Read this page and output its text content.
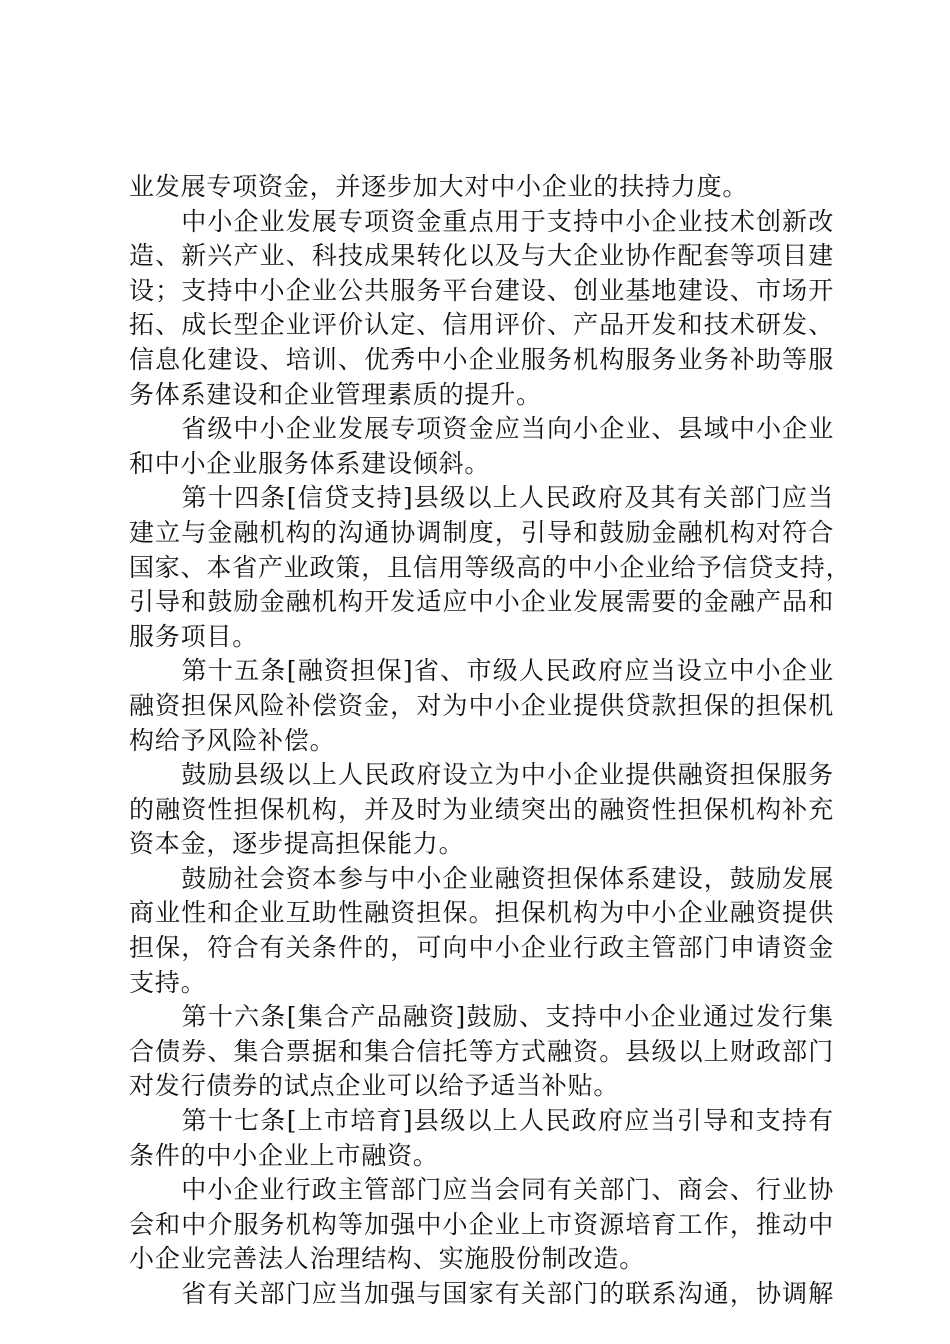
业发展专项资金，并逐步加大对中小企业的扶持力度。
　　中小企业发展专项资金重点用于支持中小企业技术创新改
造、新兴产业、科技成果转化以及与大企业协作配套等项目建
设；支持中小企业公共服务平台建设、创业基地建设、市场开
拓、成长型企业评价认定、信用评价、产品开发和技术研发、
信息化建设、培训、优秀中小企业服务机构服务业务补助等服
务体系建设和企业管理素质的提升。
　　省级中小企业发展专项资金应当向小企业、县域中小企业
和中小企业服务体系建设倾斜。
　　第十四条[信贷支持]县级以上人民政府及其有关部门应当
建立与金融机构的沟通协调制度，引导和鼓励金融机构对符合
国家、本省产业政策，且信用等级高的中小企业给予信贷支持，
引导和鼓励金融机构开发适应中小企业发展需要的金融产品和
服务项目。
　　第十五条[融资担保]省、市级人民政府应当设立中小企业
融资担保风险补偿资金，对为中小企业提供贷款担保的担保机
构给予风险补偿。
　　鼓励县级以上人民政府设立为中小企业提供融资担保服务
的融资性担保机构，并及时为业绩突出的融资性担保机构补充
资本金，逐步提高担保能力。
　　鼓励社会资本参与中小企业融资担保体系建设，鼓励发展
商业性和企业互助性融资担保。担保机构为中小企业融资提供
担保，符合有关条件的，可向中小企业行政主管部门申请资金
支持。
　　第十六条[集合产品融资]鼓励、支持中小企业通过发行集
合债券、集合票据和集合信托等方式融资。县级以上财政部门
对发行债券的试点企业可以给予适当补贴。
　　第十七条[上市培育]县级以上人民政府应当引导和支持有
条件的中小企业上市融资。
　　中小企业行政主管部门应当会同有关部门、商会、行业协
会和中介服务机构等加强中小企业上市资源培育工作，推动中
小企业完善法人治理结构、实施股份制改造。
　　省有关部门应当加强与国家有关部门的联系沟通，协调解
